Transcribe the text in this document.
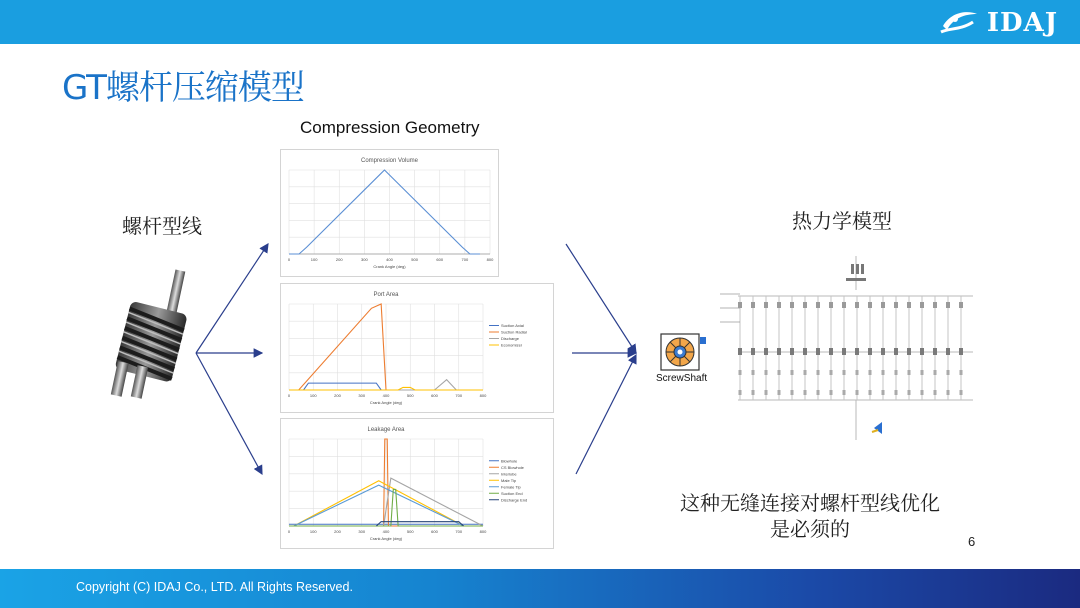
IDAJ
GT螺杆压缩模型
Compression Geometry
Compression Volume
0	100	200	300	400	500	600	700	800
Crank Angle (deg)
Port Area
0	100	200	300	400	500	600	700	800
Crank Angle (deg)
Suction Axial
Suction Radial
Discharge
Economizer
Leakage Area
0	100	200	300	400	500	600	700	800
Crank Angle (deg)
Blowhole
CS Blowhole
Interlobe
Male Tip
Female Tip
Suction End
Discharge End
螺杆型线	热力学模型
ScrewShaft
这种无缝连接对螺杆型线优化
是必须的
6
Copyright (C) IDAJ Co., LTD. All Rights Reserved.
